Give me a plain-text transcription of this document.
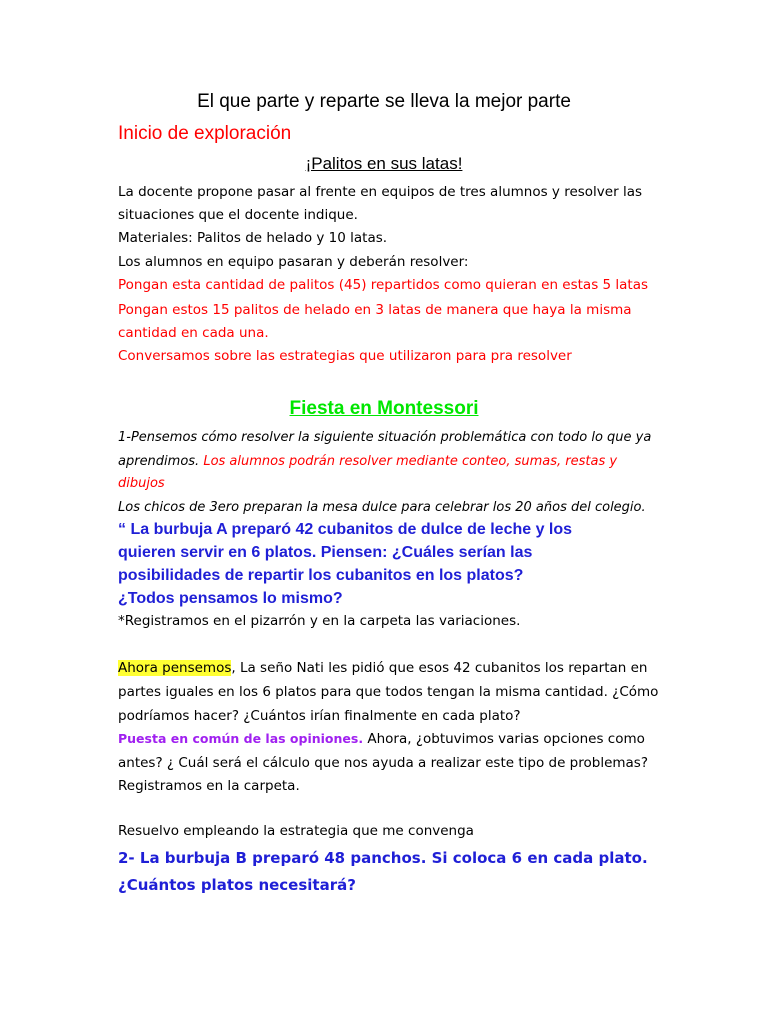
El que parte y reparte se lleva la mejor parte
Inicio de exploración
¡Palitos en sus latas!
La docente propone pasar al frente en equipos de tres alumnos y resolver las
situaciones que el docente indique.
Materiales: Palitos de helado y 10 latas.
Los alumnos en equipo pasaran y deberán resolver:
Pongan esta cantidad de palitos (45) repartidos como quieran en estas 5 latas
Pongan estos 15 palitos de helado en 3 latas de manera que haya la misma
cantidad en cada una.
Conversamos sobre las estrategias que utilizaron para pra resolver
Fiesta en Montessori
1-Pensemos cómo resolver la siguiente situación problemática con todo lo que ya
aprendimos. Los alumnos podrán resolver mediante conteo, sumas, restas y
dibujos
Los chicos de 3ero preparan la mesa dulce para celebrar los 20 años del colegio.
“ La burbuja A preparó 42 cubanitos de dulce de leche y los
quieren servir en 6 platos. Piensen: ¿Cuáles serían las
posibilidades de repartir los cubanitos en los platos?
¿Todos pensamos lo mismo?
*Registramos en el pizarrón y en la carpeta las variaciones.
Ahora pensemos, La seño Nati les pidió que esos 42 cubanitos los repartan en
partes iguales en los 6 platos para que todos tengan la misma cantidad. ¿Cómo
podríamos hacer? ¿Cuántos irían finalmente en cada plato?
Puesta en común de las opiniones. Ahora, ¿obtuvimos varias opciones como
antes? ¿ Cuál será el cálculo que nos ayuda a realizar este tipo de problemas?
Registramos en la carpeta.
Resuelvo empleando la estrategia que me convenga
2- La burbuja B preparó 48 panchos. Si coloca 6 en cada plato.
¿Cuántos platos necesitará?
